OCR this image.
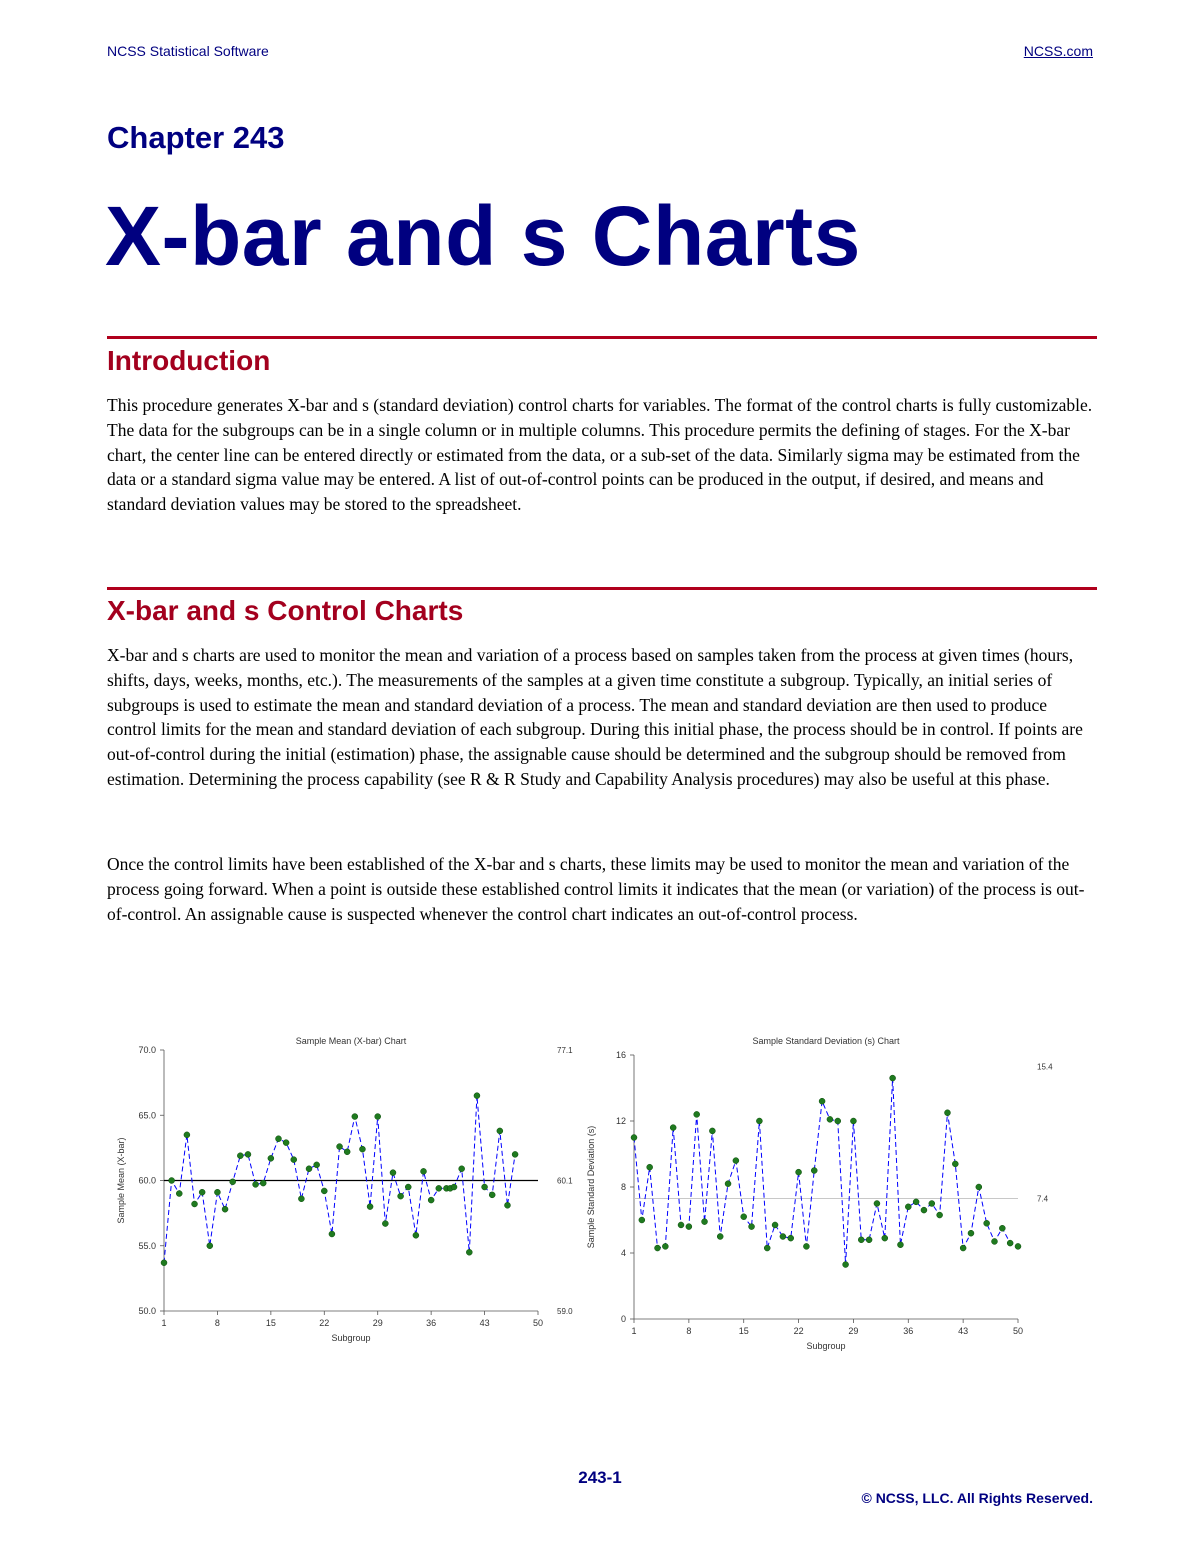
NCSS Statistical Software	NCSS.com
Chapter 243
X-bar and s Charts
Introduction

This procedure generates X-bar and s (standard deviation) control charts for variables. The format of the control charts is fully customizable. The data for the subgroups can be in a single column or in multiple columns. This procedure permits the defining of stages. For the X-bar chart, the center line can be entered directly or estimated from the data, or a sub-set of the data. Similarly sigma may be estimated from the data or a standard sigma value may be entered. A list of out-of-control points can be produced in the output, if desired, and means and standard deviation values may be stored to the spreadsheet.

X-bar and s Control Charts

X-bar and s charts are used to monitor the mean and variation of a process based on samples taken from the process at given times (hours, shifts, days, weeks, months, etc.). The measurements of the samples at a given time constitute a subgroup. Typically, an initial series of subgroups is used to estimate the mean and standard deviation of a process. The mean and standard deviation are then used to produce control limits for the mean and standard deviation of each subgroup. During this initial phase, the process should be in control. If points are out-of-control during the initial (estimation) phase, the assignable cause should be determined and the subgroup should be removed from estimation. Determining the process capability (see R & R Study and Capability Analysis procedures) may also be useful at this phase.

Once the control limits have been established of the X-bar and s charts, these limits may be used to monitor the mean and variation of the process going forward. When a point is outside these established control limits it indicates that the mean (or variation) of the process is out-of-control. An assignable cause is suspected whenever the control chart indicates an out-of-control process.

Sample Mean (X-bar) Chart
50.0
55.0
60.0
65.0
70.0
1	8	15	22	29	36	43	50
Subgroup
Sample Mean (X-bar)
77.1
60.1
59.0
Sample Standard Deviation (s) Chart
0
4
8
12
16
1	8	15	22	29	36	43	50
Subgroup
Sample Standard Deviation (s)
15.4
7.4
243-1
© NCSS, LLC. All Rights Reserved.
